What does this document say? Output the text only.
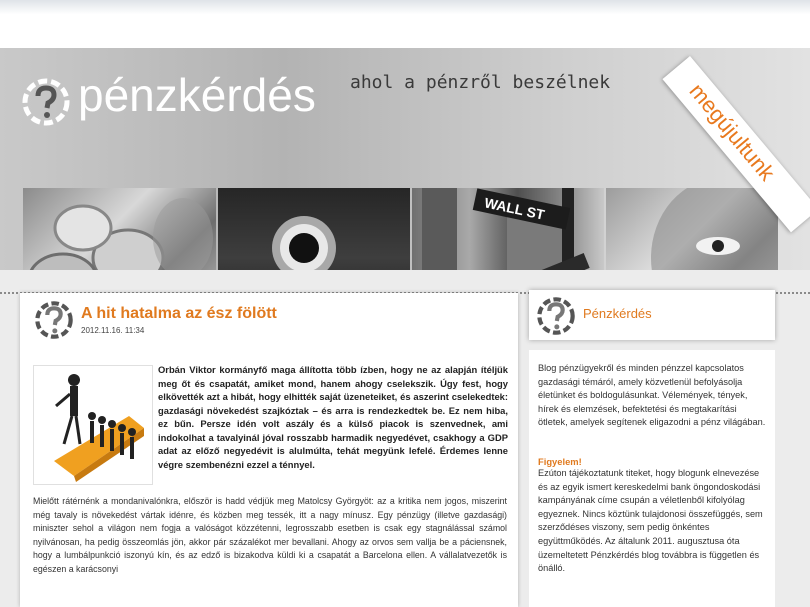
WALL ST
pénzkérdés ahol a pénzről beszélnek	megújultunk
A hit hatalma az ész fölött
2012.11.16. 11:34
Orbán Viktor kormányfő maga állította több ízben, hogy ne az alapján ítéljük meg őt és csapatát, amiket mond, hanem ahogy cselekszik. Úgy fest, hogy elkövették azt a hibát, hogy elhitték saját üzeneteiket, és aszerint cselekedtek: gazdasági növekedést szajkóztak – és arra is rendezkedtek be. Ez nem hiba, ez bűn. Persze idén volt aszály és a külső piacok is szenvednek, ami indokolhat a tavalyinál jóval rosszabb harmadik negyedévet, csakhogy a GDP adat az előző negyedévit is alulmúlta, tehát megyünk lefelé. Érdemes lenne végre szembenézni ezzel a ténnyel.
Mielőtt rátérnénk a mondanivalónkra, először is hadd védjük meg Matolcsy Györgyöt: az a kritika nem jogos, miszerint még tavaly is növekedést vártak idénre, és közben meg tessék, itt a nagy mínusz. Egy pénzügy (illetve gazdasági) miniszter sehol a világon nem fogja a valóságot közzétenni, legrosszabb esetben is csak egy stagnálással számol nyilvánosan, ha pedig összeomlás jön, akkor pár százalékot mer bevallani. Ahogy az orvos sem vallja be a páciensnek, hogy a lumbálpunkció iszonyú kín, és az edző is bizakodva küldi ki a csapatát a Barcelona ellen. A vállalatvezetők is egészen a karácsonyi
Pénzkérdés
Blog pénzügyekről és minden pénzzel kapcsolatos gazdasági témáról, amely közvetlenül befolyásolja életünket és boldogulásunkat. Vélemények, tények, hírek és elemzések, befektetési és megtakarítási ötletek, amelyek segítenek eligazodni a pénz világában.
Figyelem!
Ezúton tájékoztatunk titeket, hogy blogunk elnevezése és az egyik ismert kereskedelmi bank öngondoskodási kampányának címe csupán a véletlenből kifolyólag egyeznek. Nincs köztünk tulajdonosi összefüggés, sem szerződéses viszony, sem pedig önkéntes együttműködés. Az általunk 2011. augusztusa óta üzemeltetett Pénzkérdés blog továbbra is független és önálló.
